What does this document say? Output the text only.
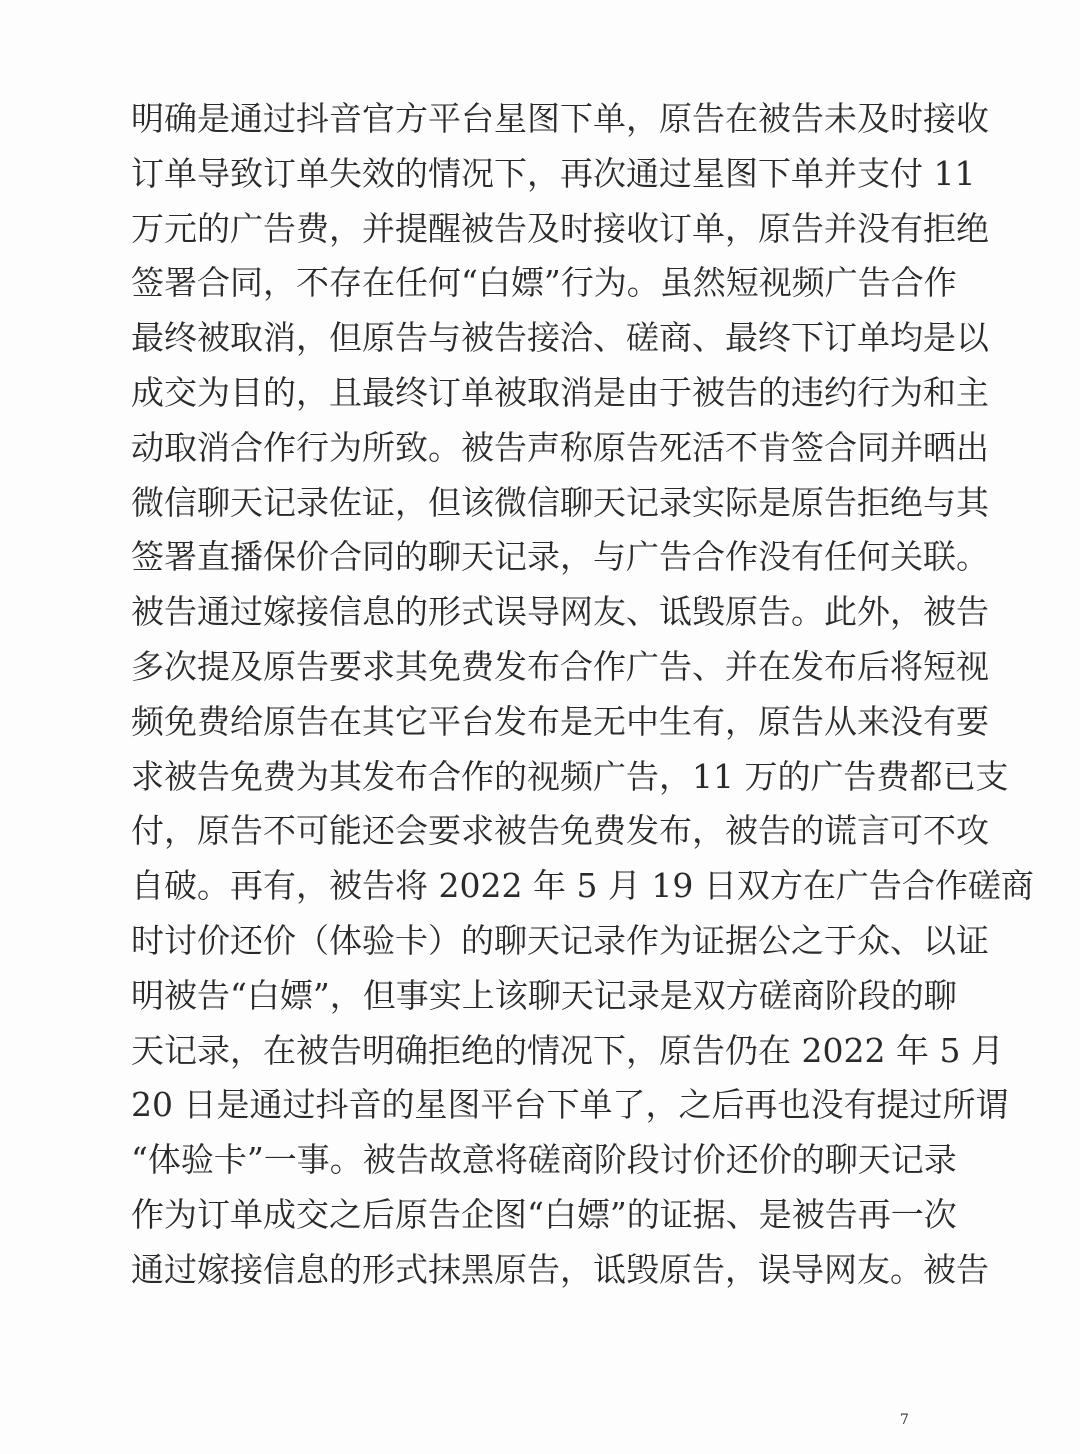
明确是通过抖音官方平台星图下单，原告在被告未及时接收
订单导致订单失效的情况下，再次通过星图下单并支付 11
万元的广告费，并提醒被告及时接收订单，原告并没有拒绝
签署合同，不存在任何“白嫖”行为。虽然短视频广告合作
最终被取消，但原告与被告接洽、磋商、最终下订单均是以
成交为目的，且最终订单被取消是由于被告的违约行为和主
动取消合作行为所致。被告声称原告死活不肯签合同并晒出
微信聊天记录佐证，但该微信聊天记录实际是原告拒绝与其
签署直播保价合同的聊天记录，与广告合作没有任何关联。
被告通过嫁接信息的形式误导网友、诋毁原告。此外，被告
多次提及原告要求其免费发布合作广告、并在发布后将短视
频免费给原告在其它平台发布是无中生有，原告从来没有要
求被告免费为其发布合作的视频广告，11 万的广告费都已支
付，原告不可能还会要求被告免费发布，被告的谎言可不攻
自破。再有，被告将 2022 年 5 月 19 日双方在广告合作磋商
时讨价还价（体验卡）的聊天记录作为证据公之于众、以证
明被告“白嫖”，但事实上该聊天记录是双方磋商阶段的聊
天记录，在被告明确拒绝的情况下，原告仍在 2022 年 5 月
20 日是通过抖音的星图平台下单了，之后再也没有提过所谓
“体验卡”一事。被告故意将磋商阶段讨价还价的聊天记录
作为订单成交之后原告企图“白嫖”的证据、是被告再一次
通过嫁接信息的形式抹黑原告，诋毁原告，误导网友。被告
7
